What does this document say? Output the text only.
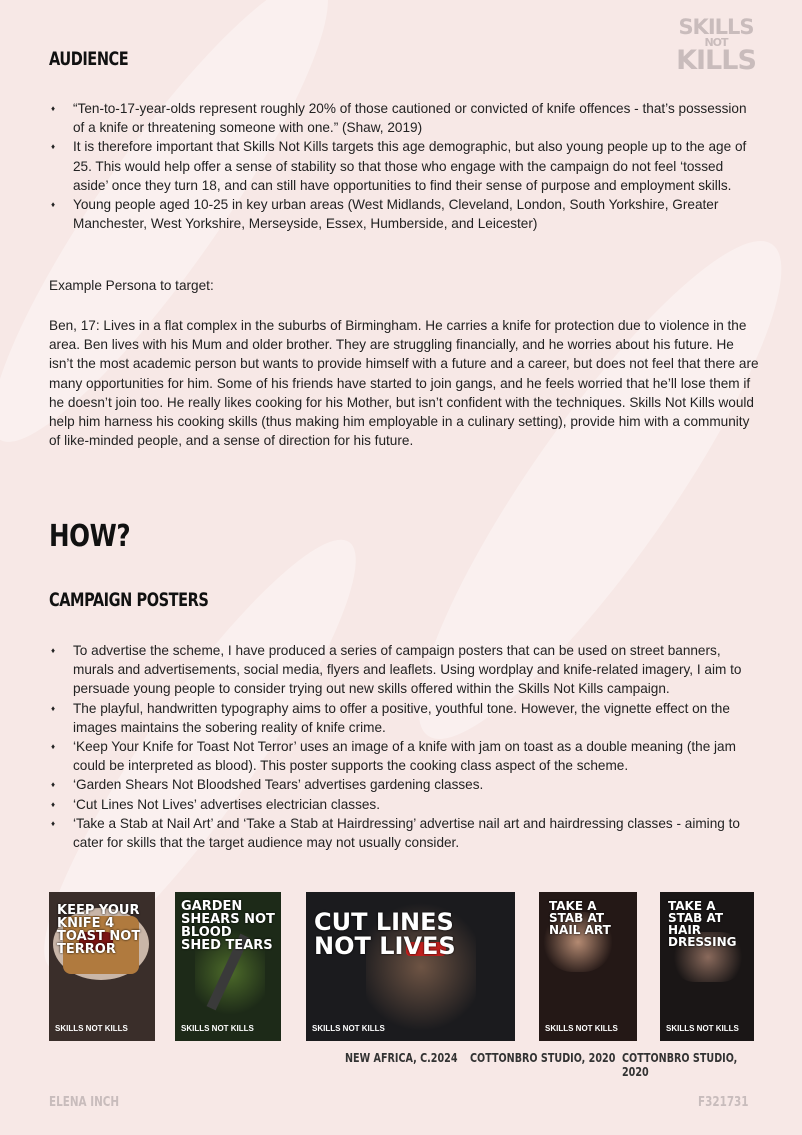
SKILLS
NOT
KILLS
AUDIENCE
♦ “Ten-to-17-year-olds represent roughly 20% of those cautioned or convicted of knife offences - that’s possession of a knife or threatening someone with one.” (Shaw, 2019)
♦ It is therefore important that Skills Not Kills targets this age demographic, but also young people up to the age of 25. This would help offer a sense of stability so that those who engage with the campaign do not feel ‘tossed aside’ once they turn 18, and can still have opportunities to find their sense of purpose and employment skills.
♦ Young people aged 10-25 in key urban areas (West Midlands, Cleveland, London, South Yorkshire, Greater Manchester, West Yorkshire, Merseyside, Essex, Humberside, and Leicester)

Example Persona to target:

Ben, 17: Lives in a flat complex in the suburbs of Birmingham. He carries a knife for protection due to violence in the area. Ben lives with his Mum and older brother. They are struggling financially, and he worries about his future. He isn’t the most academic person but wants to provide himself with a future and a career, but does not feel that there are many opportunities for him. Some of his friends have started to join gangs, and he feels worried that he’ll lose them if he doesn’t join too. He really likes cooking for his Mother, but isn’t confident with the techniques. Skills Not Kills would help him harness his cooking skills (thus making him employable in a culinary setting), provide him with a community of like-minded people, and a sense of direction for his future.

HOW?
CAMPAIGN POSTERS
♦ To advertise the scheme, I have produced a series of campaign posters that can be used on street banners, murals and advertisements, social media, flyers and leaflets. Using wordplay and knife-related imagery, I aim to persuade young people to consider trying out new skills offered within the Skills Not Kills campaign.
♦ The playful, handwritten typography aims to offer a positive, youthful tone. However, the vignette effect on the images maintains the sobering reality of knife crime.
♦ ‘Keep Your Knife for Toast Not Terror’ uses an image of a knife with jam on toast as a double meaning (the jam could be interpreted as blood). This poster supports the cooking class aspect of the scheme.
♦ ‘Garden Shears Not Bloodshed Tears’ advertises gardening classes.
♦ ‘Cut Lines Not Lives’ advertises electrician classes.
♦ ‘Take a Stab at Nail Art’ and ‘Take a Stab at Hairdressing’ advertise nail art and hairdressing classes - aiming to cater for skills that the target audience may not usually consider.
KEEP YOUR KNIFE 4 TOAST NOT TERROR
SKILLS NOT KILLS
GARDEN SHEARS NOT BLOOD SHED TEARS
SKILLS NOT KILLS
CUT LINES NOT LIVES
SKILLS NOT KILLS
TAKE A STAB AT NAIL ART
SKILLS NOT KILLS
TAKE A STAB AT HAIR DRESSING
SKILLS NOT KILLS
NEW AFRICA, C.2024 COTTONBRO STUDIO, 2020 COTTONBRO STUDIO, 2020
ELENA INCH	F321731
